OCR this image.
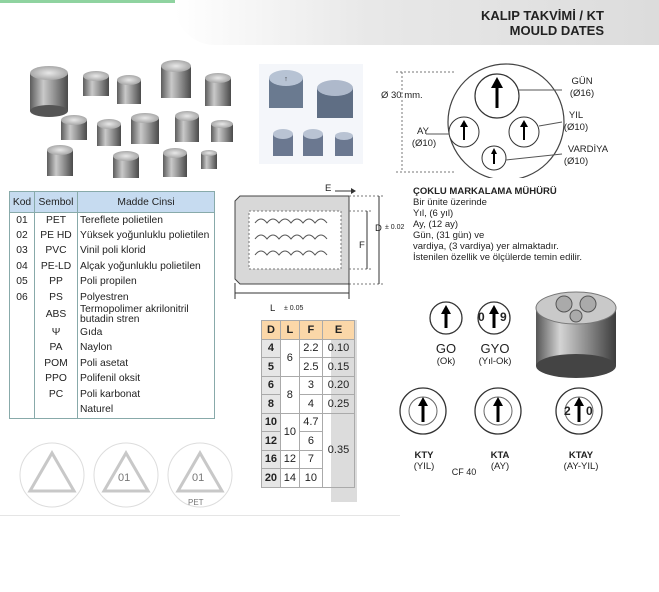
KALIP TAKVİMİ / KT
MOULD DATES
↑
Ø 30 mm.
GÜN
(Ø16)
YIL
(Ø10)
AY
(Ø10)
VARDİYA
(Ø10)
ÇOKLU MARKALAMA MÜHÜRÜ
Bir ünite üzerinde
Yıl, (6 yıl)
Ay, (12 ay)
Gün, (31 gün) ve
vardiya, (3 vardiya) yer almaktadır.
İstenilen özellik ve ölçülerde temin edilir.
Kod	Sembol	Madde Cinsi
01	PET	Tereflete polietilen
02	PE HD	Yüksek yoğunluklu polietilen
03	PVC	Vinil poli klorid
04	PE-LD	Alçak yoğunluklu polietilen
05	PP	Poli propilen
06	PS	Polyestren
	ABS	Termopolimer akrilonitril butadin stren
	Ψ	Gıda
	PA	Naylon
	POM	Poli asetat
	PPO	Polifenil oksit
	PC	Poli karbonat
		Naturel
E
D ± 0.02
F
L ± 0.05
D	L	F	E
4	6	2.2	0.10
5		2.5	0.15
6	8	3	0.20
8		4	0.25
10	10	4.7	0.35
12		6	
16	12	7	
20	14	10	
0 9
GO
(Ok)
GYO
(Yıl-Ok)
2 0
KTY
(YIL)
KTA
(AY)
KTAY
(AY-YIL)
CF 40
01	01
PET
